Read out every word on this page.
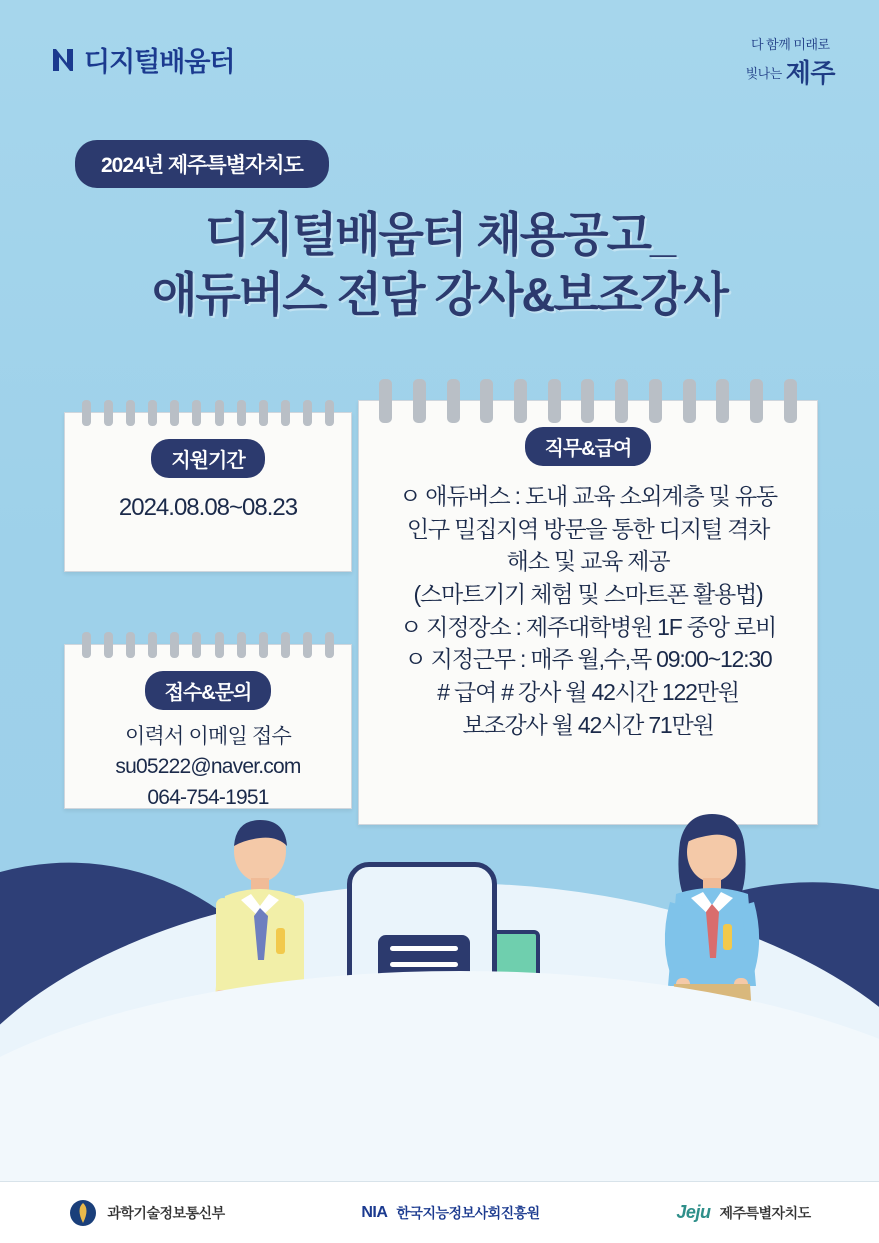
디지털배움터
다 함께 미래로
빛나는 제주
2024년 제주특별자치도
디지털배움터 채용공고_
애듀버스 전담 강사&보조강사
지원기간
2024.08.08~08.23
접수&문의
이력서 이메일 접수
su05222@naver.com
064-754-1951
직무&급여

ㅇ 애듀버스 : 도내 교육 소외계층 및 유동

인구 밀집지역 방문을 통한 디지털 격차

해소 및 교육 제공

(스마트기기 체험 및 스마트폰 활용법)

ㅇ 지정장소 : 제주대학병원 1F 중앙 로비

ㅇ 지정근무 : 매주 월,수,목 09:00~12:30

# 급여 # 강사 월 42시간 122만원

보조강사 월 42시간 71만원

과학기술정보통신부	NIA 한국지능정보사회진흥원	Jeju 제주특별자치도
